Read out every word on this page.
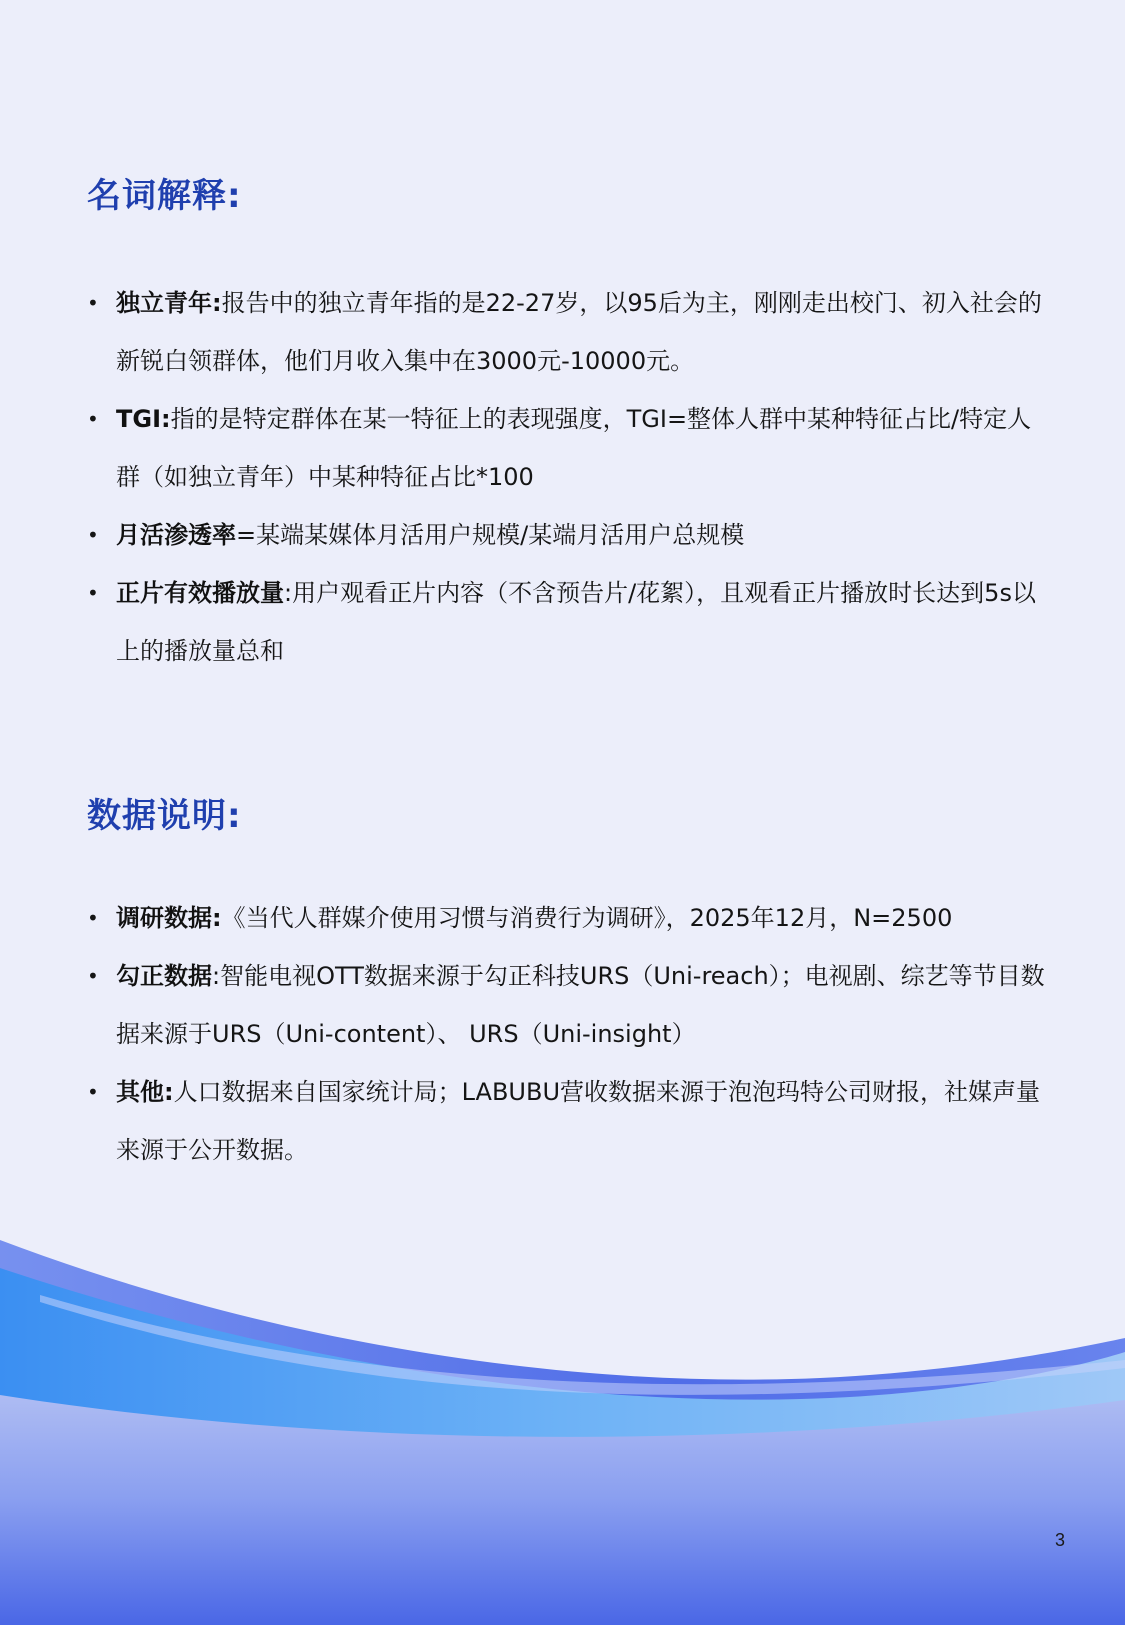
名词解释:
• 独立青年:报告中的独立青年指的是22-27岁，以95后为主，刚刚走出校门、初入社会的新锐白领群体，他们月收入集中在3000元-10000元。
• TGI:指的是特定群体在某一特征上的表现强度，TGI=整体人群中某种特征占比/特定人群（如独立青年）中某种特征占比*100
• 月活渗透率=某端某媒体月活用户规模/某端月活用户总规模
• 正片有效播放量:用户观看正片内容（不含预告片/花絮），且观看正片播放时长达到5s以上的播放量总和
数据说明:
• 调研数据:《当代人群媒介使用习惯与消费行为调研》，2025年12月，N=2500
• 勾正数据:智能电视OTT数据来源于勾正科技URS（Uni-reach）；电视剧、综艺等节目数据来源于URS（Uni-content）、 URS（Uni-insight）
• 其他:人口数据来自国家统计局；LABUBU营收数据来源于泡泡玛特公司财报，社媒声量来源于公开数据。
3
